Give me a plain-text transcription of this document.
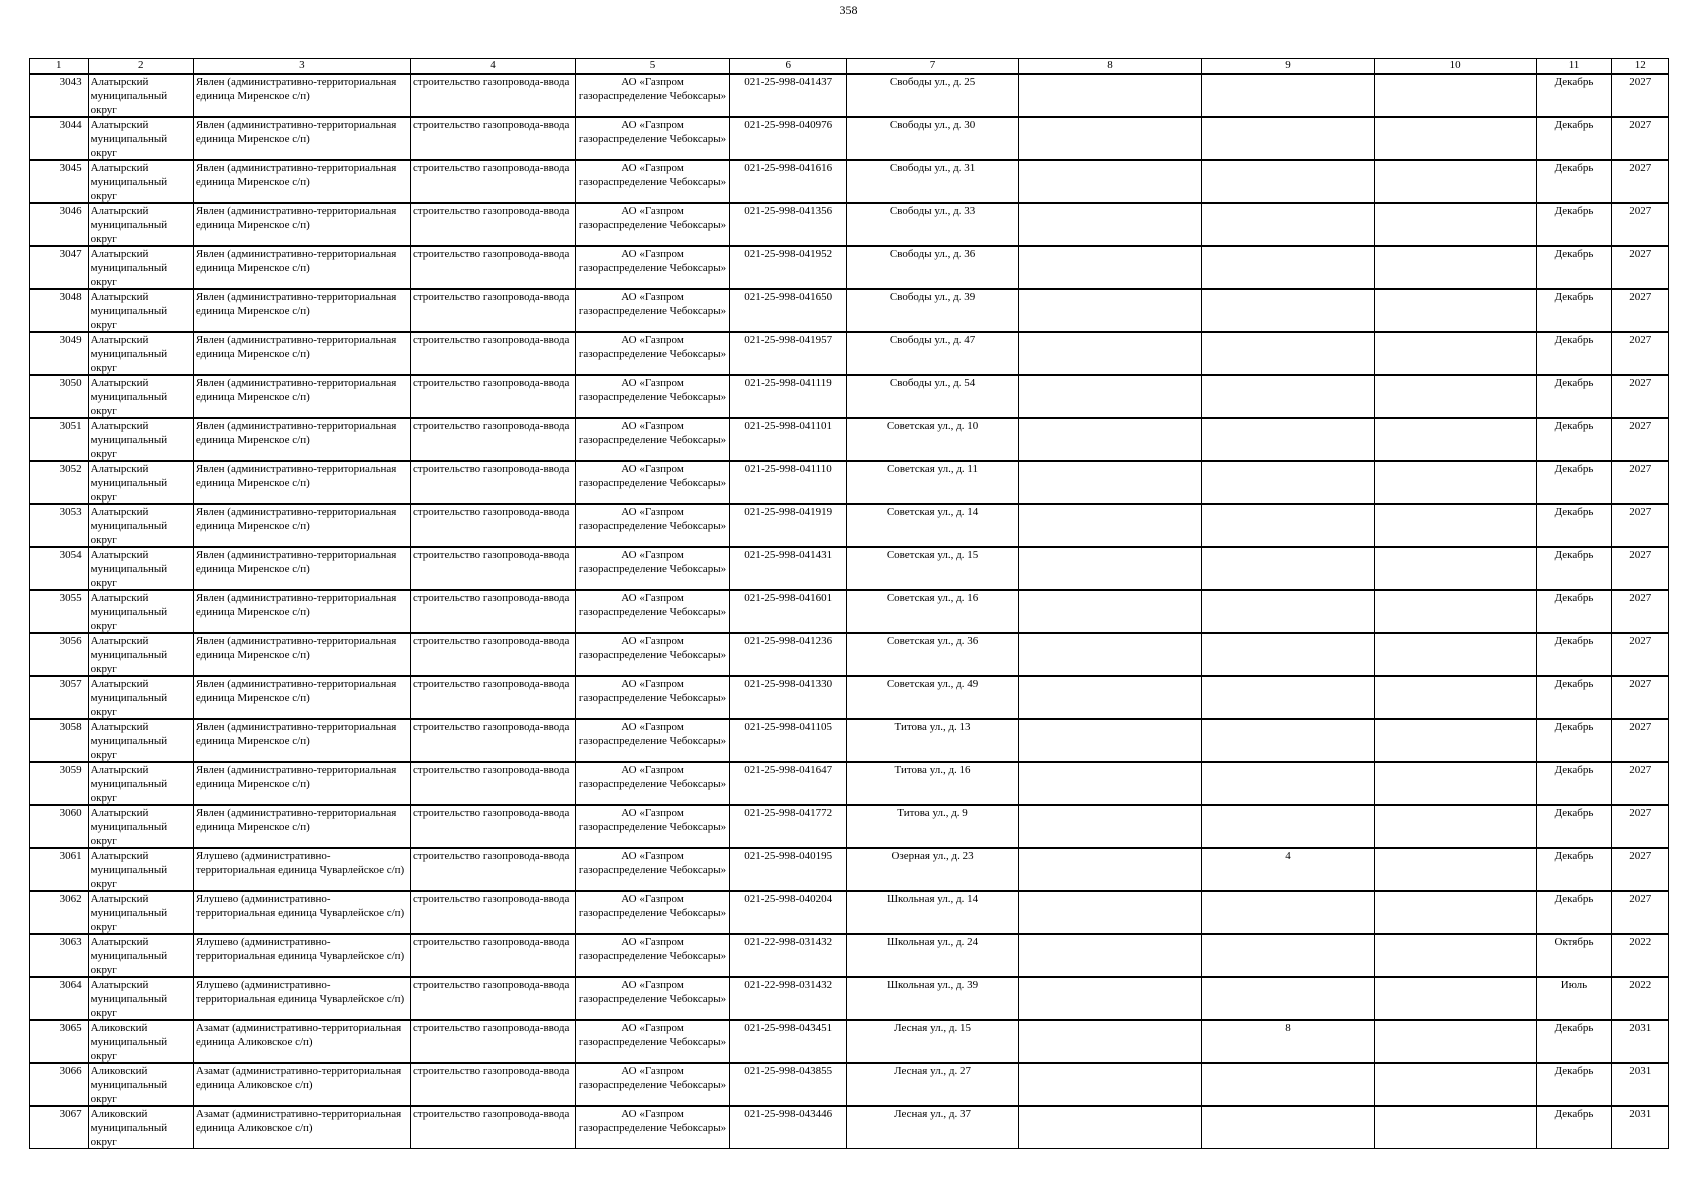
358
1	2	3	4	5	6	7	8	9	10	11	12

3043	Алатырский муниципальный округ	Явлен (административно-территориальная единица Миренское с/п)	строительство газопровода-ввода	АО «Газпром газораспределение Чебоксары»	021-25-998-041437	Свободы ул., д. 25				Декабрь	2027

3044	Алатырский муниципальный округ	Явлен (административно-территориальная единица Миренское с/п)	строительство газопровода-ввода	АО «Газпром газораспределение Чебоксары»	021-25-998-040976	Свободы ул., д. 30				Декабрь	2027

3045	Алатырский муниципальный округ	Явлен (административно-территориальная единица Миренское с/п)	строительство газопровода-ввода	АО «Газпром газораспределение Чебоксары»	021-25-998-041616	Свободы ул., д. 31				Декабрь	2027

3046	Алатырский муниципальный округ	Явлен (административно-территориальная единица Миренское с/п)	строительство газопровода-ввода	АО «Газпром газораспределение Чебоксары»	021-25-998-041356	Свободы ул., д. 33				Декабрь	2027

3047	Алатырский муниципальный округ	Явлен (административно-территориальная единица Миренское с/п)	строительство газопровода-ввода	АО «Газпром газораспределение Чебоксары»	021-25-998-041952	Свободы ул., д. 36				Декабрь	2027

3048	Алатырский муниципальный округ	Явлен (административно-территориальная единица Миренское с/п)	строительство газопровода-ввода	АО «Газпром газораспределение Чебоксары»	021-25-998-041650	Свободы ул., д. 39				Декабрь	2027

3049	Алатырский муниципальный округ	Явлен (административно-территориальная единица Миренское с/п)	строительство газопровода-ввода	АО «Газпром газораспределение Чебоксары»	021-25-998-041957	Свободы ул., д. 47				Декабрь	2027

3050	Алатырский муниципальный округ	Явлен (административно-территориальная единица Миренское с/п)	строительство газопровода-ввода	АО «Газпром газораспределение Чебоксары»	021-25-998-041119	Свободы ул., д. 54				Декабрь	2027

3051	Алатырский муниципальный округ	Явлен (административно-территориальная единица Миренское с/п)	строительство газопровода-ввода	АО «Газпром газораспределение Чебоксары»	021-25-998-041101	Советская ул., д. 10				Декабрь	2027

3052	Алатырский муниципальный округ	Явлен (административно-территориальная единица Миренское с/п)	строительство газопровода-ввода	АО «Газпром газораспределение Чебоксары»	021-25-998-041110	Советская ул., д. 11				Декабрь	2027

3053	Алатырский муниципальный округ	Явлен (административно-территориальная единица Миренское с/п)	строительство газопровода-ввода	АО «Газпром газораспределение Чебоксары»	021-25-998-041919	Советская ул., д. 14				Декабрь	2027

3054	Алатырский муниципальный округ	Явлен (административно-территориальная единица Миренское с/п)	строительство газопровода-ввода	АО «Газпром газораспределение Чебоксары»	021-25-998-041431	Советская ул., д. 15				Декабрь	2027

3055	Алатырский муниципальный округ	Явлен (административно-территориальная единица Миренское с/п)	строительство газопровода-ввода	АО «Газпром газораспределение Чебоксары»	021-25-998-041601	Советская ул., д. 16				Декабрь	2027

3056	Алатырский муниципальный округ	Явлен (административно-территориальная единица Миренское с/п)	строительство газопровода-ввода	АО «Газпром газораспределение Чебоксары»	021-25-998-041236	Советская ул., д. 36				Декабрь	2027

3057	Алатырский муниципальный округ	Явлен (административно-территориальная единица Миренское с/п)	строительство газопровода-ввода	АО «Газпром газораспределение Чебоксары»	021-25-998-041330	Советская ул., д. 49				Декабрь	2027

3058	Алатырский муниципальный округ	Явлен (административно-территориальная единица Миренское с/п)	строительство газопровода-ввода	АО «Газпром газораспределение Чебоксары»	021-25-998-041105	Титова ул., д. 13				Декабрь	2027

3059	Алатырский муниципальный округ	Явлен (административно-территориальная единица Миренское с/п)	строительство газопровода-ввода	АО «Газпром газораспределение Чебоксары»	021-25-998-041647	Титова ул., д. 16				Декабрь	2027

3060	Алатырский муниципальный округ	Явлен (административно-территориальная единица Миренское с/п)	строительство газопровода-ввода	АО «Газпром газораспределение Чебоксары»	021-25-998-041772	Титова ул., д. 9				Декабрь	2027

3061	Алатырский муниципальный округ	Ялушево (административно-территориальная единица Чуварлейское с/п)	строительство газопровода-ввода	АО «Газпром газораспределение Чебоксары»	021-25-998-040195	Озерная ул., д. 23		4		Декабрь	2027

3062	Алатырский муниципальный округ	Ялушево (административно-территориальная единица Чуварлейское с/п)	строительство газопровода-ввода	АО «Газпром газораспределение Чебоксары»	021-25-998-040204	Школьная ул., д. 14				Декабрь	2027

3063	Алатырский муниципальный округ	Ялушево (административно-территориальная единица Чуварлейское с/п)	строительство газопровода-ввода	АО «Газпром газораспределение Чебоксары»	021-22-998-031432	Школьная ул., д. 24				Октябрь	2022

3064	Алатырский муниципальный округ	Ялушево (административно-территориальная единица Чуварлейское с/п)	строительство газопровода-ввода	АО «Газпром газораспределение Чебоксары»	021-22-998-031432	Школьная ул., д. 39				Июль	2022

3065	Аликовский муниципальный округ	Азамат (административно-территориальная единица Аликовское с/п)	строительство газопровода-ввода	АО «Газпром газораспределение Чебоксары»	021-25-998-043451	Лесная ул., д. 15		8		Декабрь	2031

3066	Аликовский муниципальный округ	Азамат (административно-территориальная единица Аликовское с/п)	строительство газопровода-ввода	АО «Газпром газораспределение Чебоксары»	021-25-998-043855	Лесная ул., д. 27				Декабрь	2031

3067	Аликовский муниципальный округ	Азамат (административно-территориальная единица Аликовское с/п)	строительство газопровода-ввода	АО «Газпром газораспределение Чебоксары»	021-25-998-043446	Лесная ул., д. 37				Декабрь	2031
